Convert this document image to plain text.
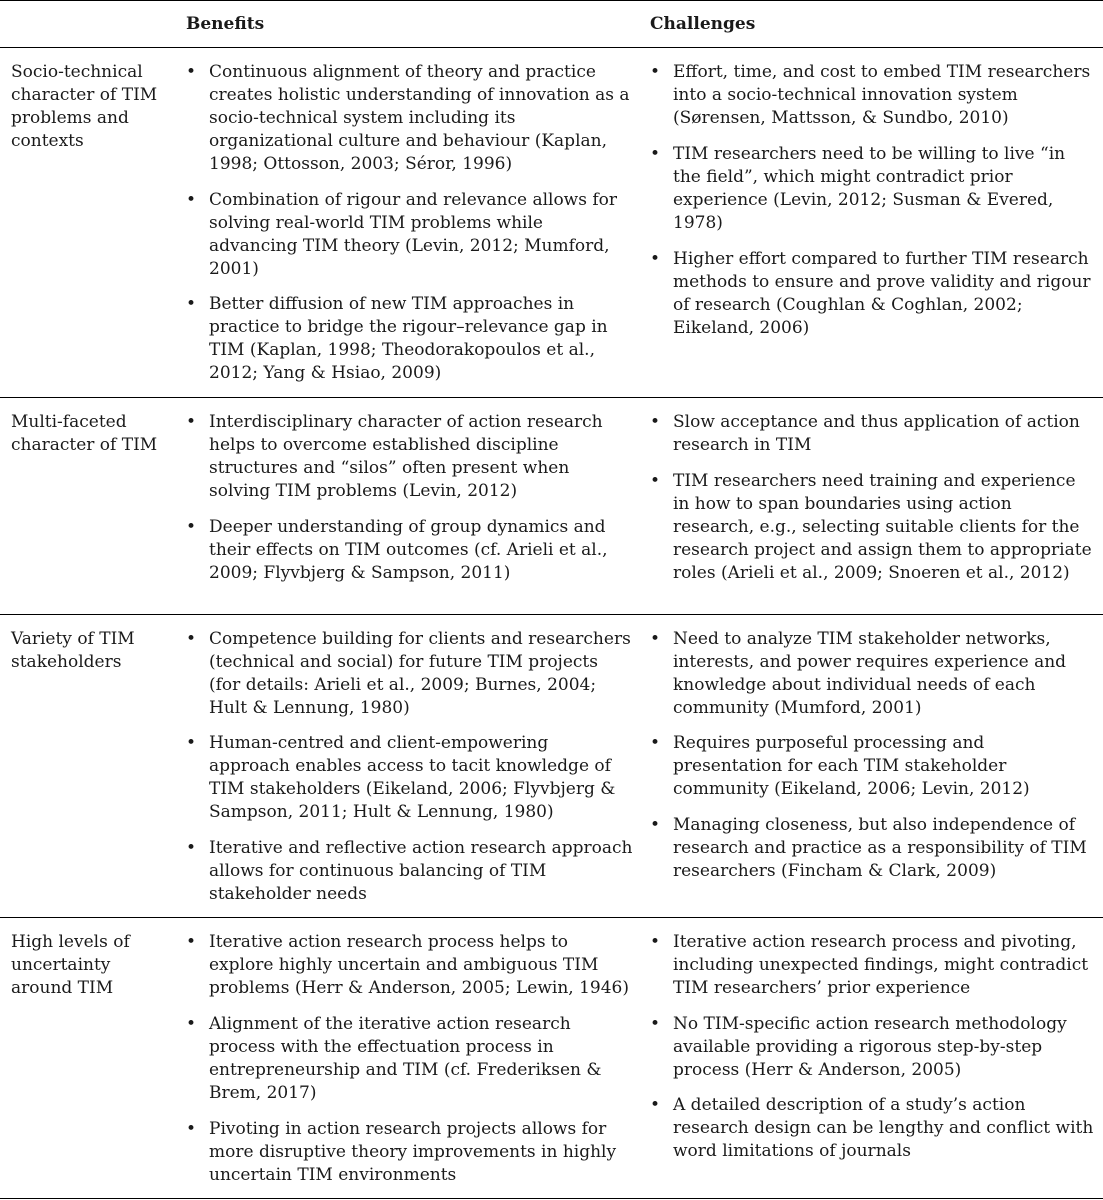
Benefits	Challenges
Socio-technical character of TIM problems and contexts
• Continuous alignment of theory and practice creates holistic understanding of innovation as a socio-technical system including its organizational culture and behaviour (Kaplan, 1998; Ottosson, 2003; Séror, 1996)
• Combination of rigour and relevance allows for solving real-world TIM problems while advancing TIM theory (Levin, 2012; Mumford, 2001)
• Better diffusion of new TIM approaches in practice to bridge the rigour–relevance gap in TIM (Kaplan, 1998; Theodorakopoulos et al., 2012; Yang & Hsiao, 2009)
• Effort, time, and cost to embed TIM researchers into a socio-technical innovation system (Sørensen, Mattsson, & Sundbo, 2010)
• TIM researchers need to be willing to live “in the field”, which might contradict prior experience (Levin, 2012; Susman & Evered, 1978)
• Higher effort compared to further TIM research methods to ensure and prove validity and rigour of research (Coughlan & Coghlan, 2002; Eikeland, 2006)
Multi-faceted character of TIM
• Interdisciplinary character of action research helps to overcome established discipline structures and “silos” often present when solving TIM problems (Levin, 2012)
• Deeper understanding of group dynamics and their effects on TIM outcomes (cf. Arieli et al., 2009; Flyvbjerg & Sampson, 2011)
• Slow acceptance and thus application of action research in TIM
• TIM researchers need training and experience in how to span boundaries using action research, e.g., selecting suitable clients for the research project and assign them to appropriate roles (Arieli et al., 2009; Snoeren et al., 2012)
Variety of TIM stakeholders
• Competence building for clients and researchers (technical and social) for future TIM projects (for details: Arieli et al., 2009; Burnes, 2004; Hult & Lennung, 1980)
• Human-centred and client-empowering approach enables access to tacit knowledge of TIM stakeholders (Eikeland, 2006; Flyvbjerg & Sampson, 2011; Hult & Lennung, 1980)
• Iterative and reflective action research approach allows for continuous balancing of TIM stakeholder needs
• Need to analyze TIM stakeholder networks, interests, and power requires experience and knowledge about individual needs of each community (Mumford, 2001)
• Requires purposeful processing and presentation for each TIM stakeholder community (Eikeland, 2006; Levin, 2012)
• Managing closeness, but also independence of research and practice as a responsibility of TIM researchers (Fincham & Clark, 2009)
High levels of uncertainty around TIM
• Iterative action research process helps to explore highly uncertain and ambiguous TIM problems (Herr & Anderson, 2005; Lewin, 1946)
• Alignment of the iterative action research process with the effectuation process in entrepreneurship and TIM (cf. Frederiksen & Brem, 2017)
• Pivoting in action research projects allows for more disruptive theory improvements in highly uncertain TIM environments
• Iterative action research process and pivoting, including unexpected findings, might contradict TIM researchers’ prior experience
• No TIM-specific action research methodology available providing a rigorous step-by-step process (Herr & Anderson, 2005)
• A detailed description of a study’s action research design can be lengthy and conflict with word limitations of journals
